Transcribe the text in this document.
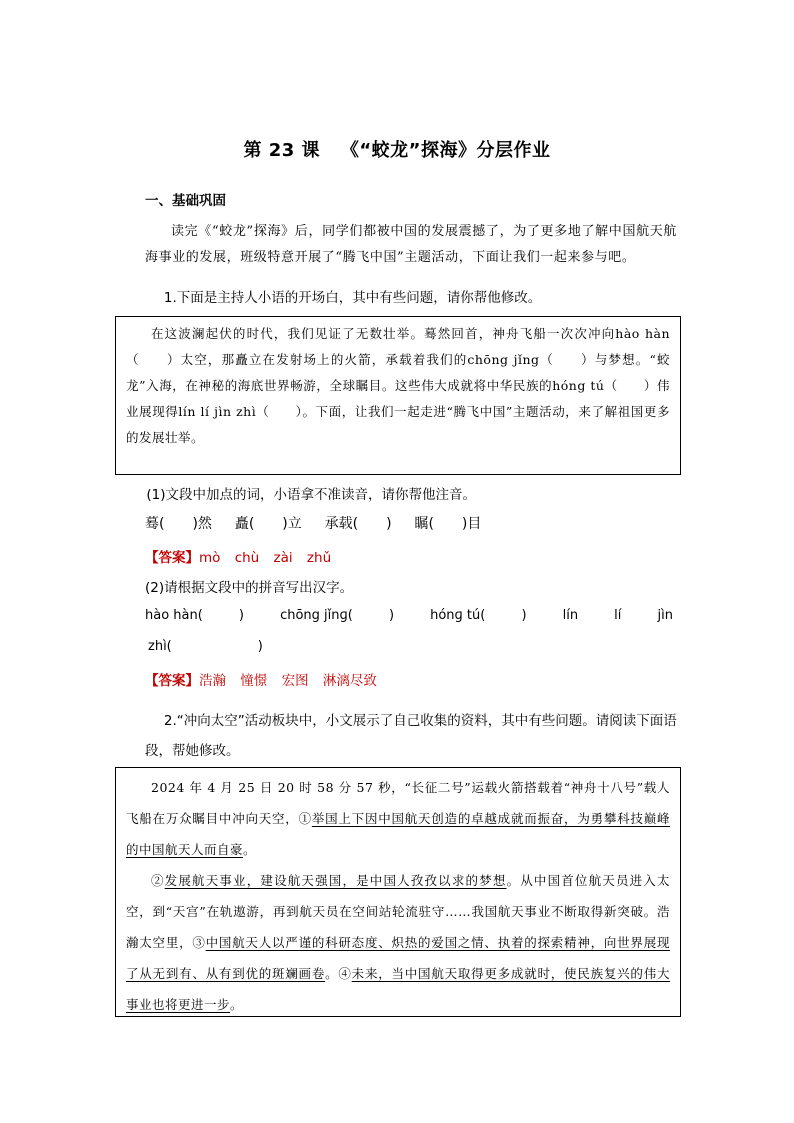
第 23 课 《“蛟龙”探海》分层作业
一、基础巩固
读完《“蛟龙”探海》后，同学们都被中国的发展震撼了，为了更多地了解中国航天航海事业的发展，班级特意开展了“腾飞中国”主题活动，下面让我们一起来参与吧。
1.下面是主持人小语的开场白，其中有些问题，请你帮他修改。

在这波澜起伏的时代，我们见证了无数壮举。蓦然回首，神舟飞船一次次冲向hào hàn（　　）太空，那矗立在发射场上的火箭，承载着我们的chōng jǐng（　　）与梦想。“蛟龙”入海，在神秘的海底世界畅游，全球瞩目。这些伟大成就将中华民族的hóng tú（　　）伟业展现得lín lí jìn zhì（　　）。下面，让我们一起走进“腾飞中国”主题活动，来了解祖国更多的发展壮举。

(1)文段中加点的词，小语拿不准读音，请你帮他注音。
蓦(　　)然　  矗(　　)立　  承载(　　)　  瞩(　　)目
【答案】mò chù zài zhǔ
(2)请根据文段中的拼音写出汉字。
hào hàn(	)	chōng jǐnɡ(	)	hónɡ tú(	)	lín	lí	jìn
zhì(	)
【答案】浩瀚 憧憬 宏图 淋漓尽致
2.“冲向太空”活动板块中，小文展示了自己收集的资料，其中有些问题。请阅读下面语段，帮她修改。

2024 年 4 月 25 日 20 时 58 分 57 秒，“长征二号”运载火箭搭载着“神舟十八号”载人飞船在万众瞩目中冲向天空，①举国上下因中国航天创造的卓越成就而振奋，为勇攀科技巅峰的中国航天人而自豪。

②发展航天事业，建设航天强国，是中国人孜孜以求的梦想。从中国首位航天员进入太空，到“天宫”在轨遨游，再到航天员在空间站轮流驻守……我国航天事业不断取得新突破。浩瀚太空里，③中国航天人以严谨的科研态度、炽热的爱国之情、执着的探索精神，向世界展现了从无到有、从有到优的斑斓画卷。④未来，当中国航天取得更多成就时，使民族复兴的伟大事业也将更进一步。
